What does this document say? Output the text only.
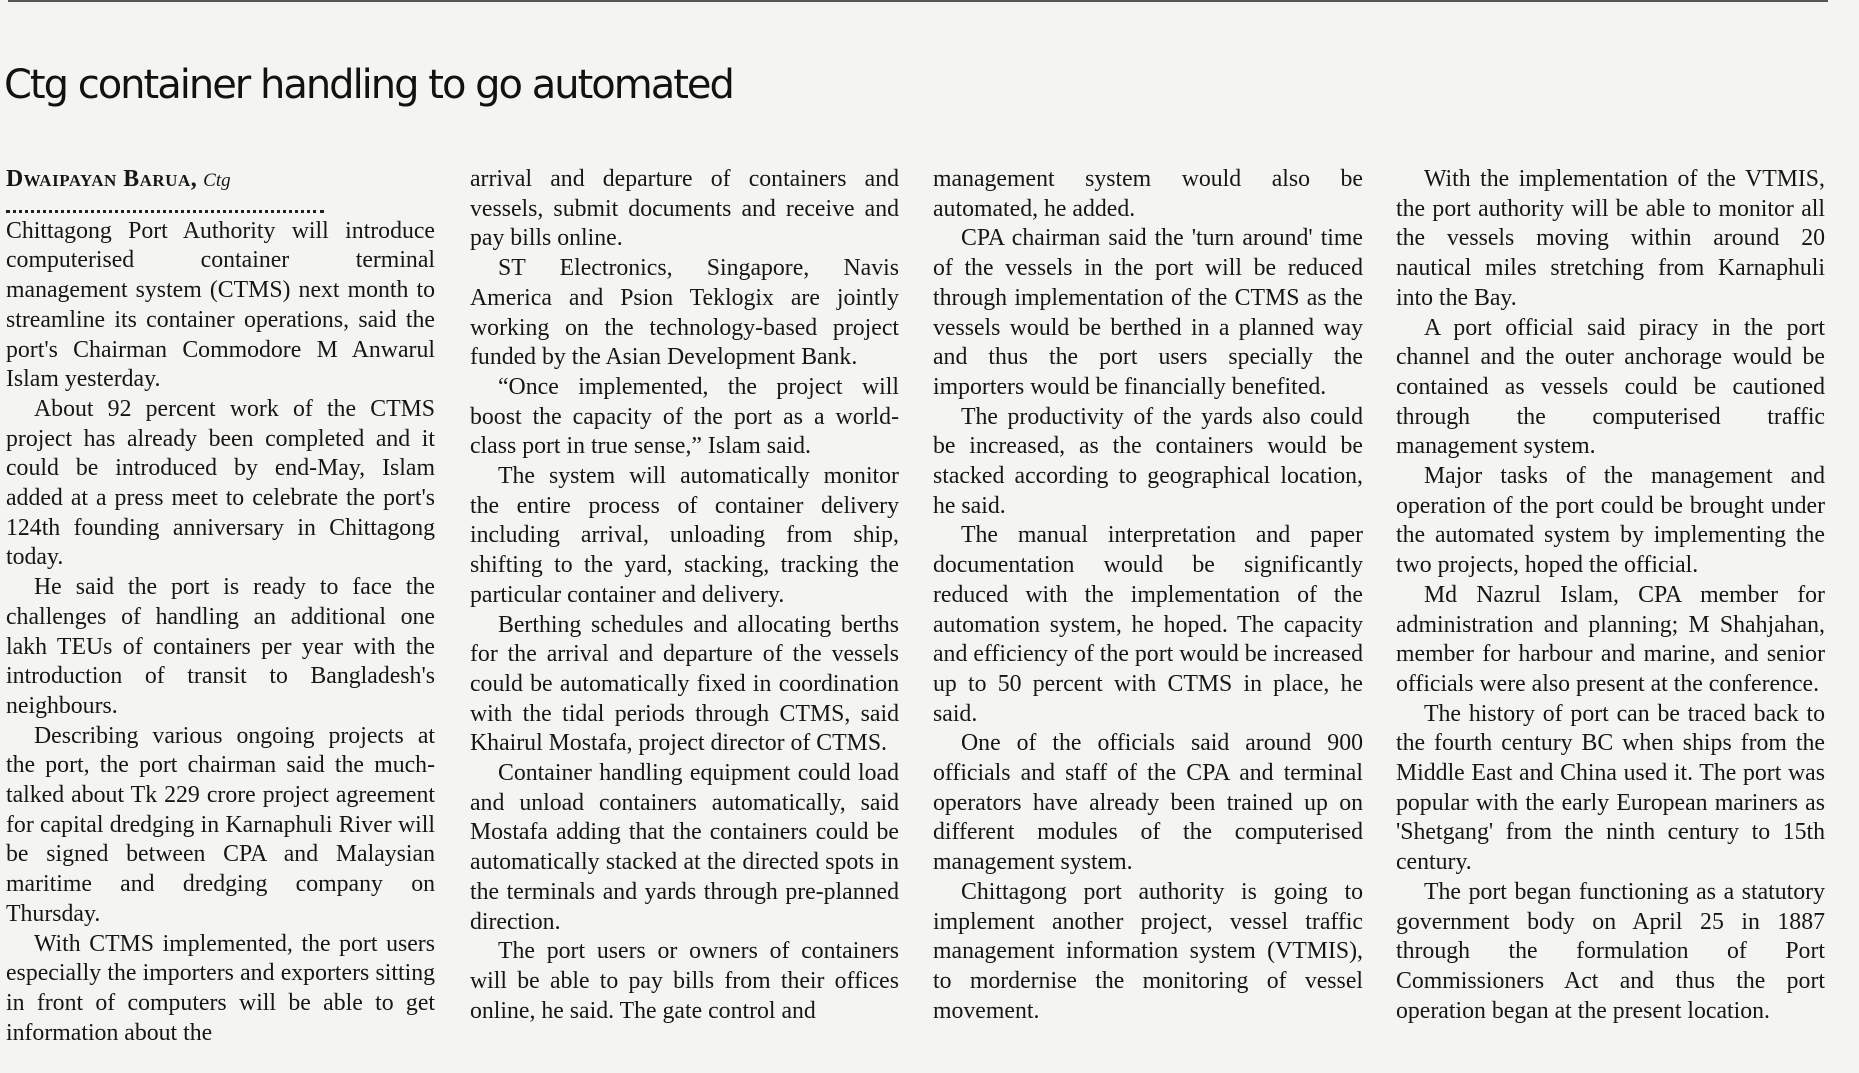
Ctg container handling to go automated
Dwaipayan Barua, Ctg

Chittagong Port Authority will introduce computerised container terminal management system (CTMS) next month to streamline its container operations, said the port's Chairman Commodore M Anwarul Islam yesterday.

About 92 percent work of the CTMS project has already been completed and it could be introduced by end-May, Islam added at a press meet to celebrate the port's 124th founding anniversary in Chittagong today.

He said the port is ready to face the challenges of handling an additional one lakh TEUs of containers per year with the introduction of transit to Bangladesh's neighbours.

Describing various ongoing projects at the port, the port chairman said the much-talked about Tk 229 crore project agreement for capital dredging in Karnaphuli River will be signed between CPA and Malaysian maritime and dredging company on Thursday.

With CTMS implemented, the port users especially the importers and exporters sitting in front of computers will be able to get information about the

arrival and departure of containers and vessels, submit documents and receive and pay bills online.

ST Electronics, Singapore, Navis America and Psion Teklogix are jointly working on the technology-based project funded by the Asian Development Bank.

“Once implemented, the project will boost the capacity of the port as a world-class port in true sense,” Islam said.

The system will automatically monitor the entire process of container delivery including arrival, unloading from ship, shifting to the yard, stacking, tracking the particular container and delivery.

Berthing schedules and allocating berths for the arrival and departure of the vessels could be automatically fixed in coordination with the tidal periods through CTMS, said Khairul Mostafa, project director of CTMS.

Container handling equipment could load and unload containers automatically, said Mostafa adding that the containers could be automatically stacked at the directed spots in the terminals and yards through pre-planned direction.

The port users or owners of containers will be able to pay bills from their offices online, he said. The gate control and

management system would also be automated, he added.

CPA chairman said the 'turn around' time of the vessels in the port will be reduced through implementation of the CTMS as the vessels would be berthed in a planned way and thus the port users specially the importers would be financially benefited.

The productivity of the yards also could be increased, as the containers would be stacked according to geographical location, he said.

The manual interpretation and paper documentation would be significantly reduced with the implementation of the automation system, he hoped. The capacity and efficiency of the port would be increased up to 50 percent with CTMS in place, he said.

One of the officials said around 900 officials and staff of the CPA and terminal operators have already been trained up on different modules of the computerised management system.

Chittagong port authority is going to implement another project, vessel traffic management information system (VTMIS), to mordernise the monitoring of vessel movement.

With the implementation of the VTMIS, the port authority will be able to monitor all the vessels moving within around 20 nautical miles stretching from Karnaphuli into the Bay.

A port official said piracy in the port channel and the outer anchorage would be contained as vessels could be cautioned through the computerised traffic management system.

Major tasks of the management and operation of the port could be brought under the automated system by implementing the two projects, hoped the official.

Md Nazrul Islam, CPA member for administration and planning; M Shahjahan, member for harbour and marine, and senior officials were also present at the conference.

The history of port can be traced back to the fourth century BC when ships from the Middle East and China used it. The port was popular with the early European mariners as 'Shetgang' from the ninth century to 15th century.

The port began functioning as a statutory government body on April 25 in 1887 through the formulation of Port Commissioners Act and thus the port operation began at the present location.
